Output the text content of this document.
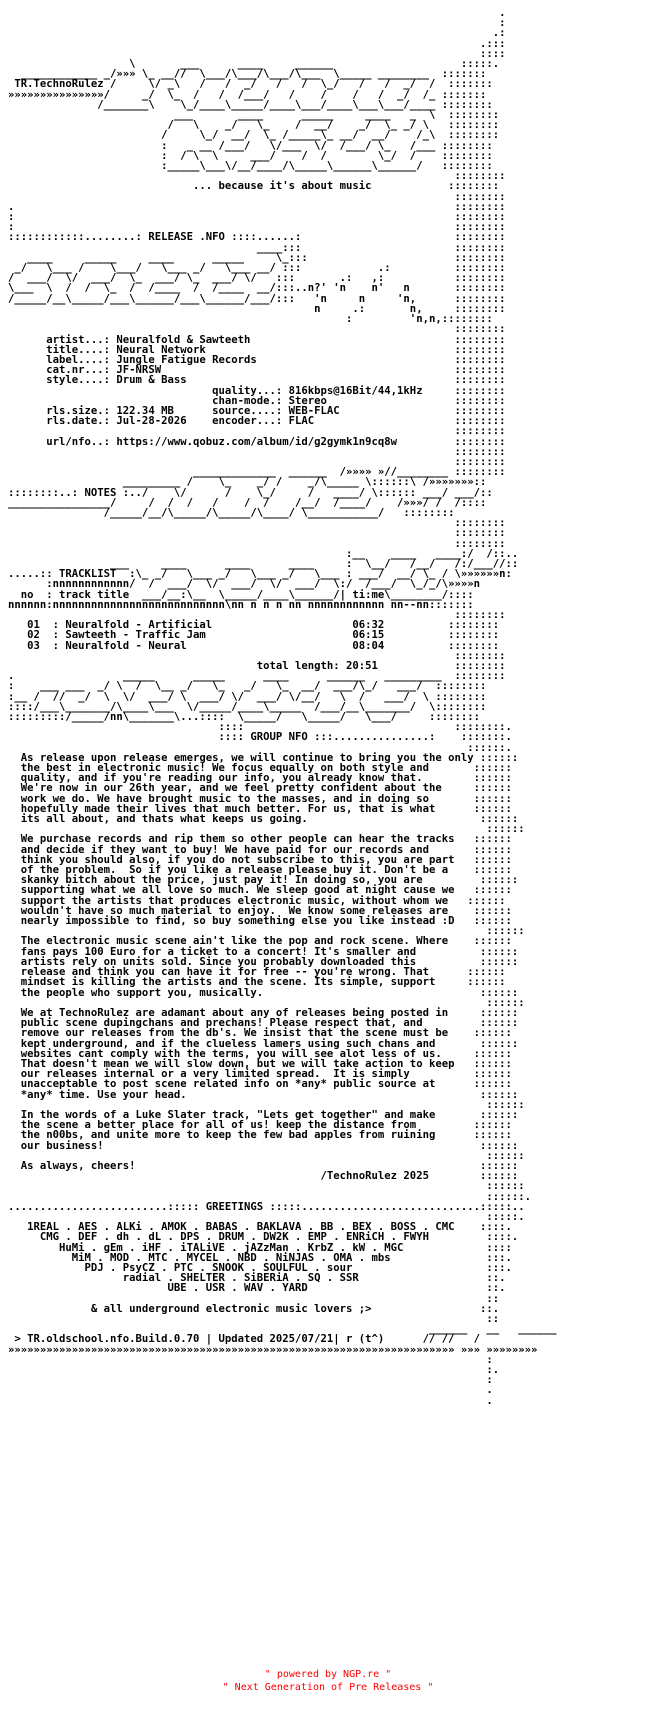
.
:
.:
.:::
::::
\       ___      ____     ______                    :::::.
____________ _/»»» \_ __//  \___/\___/\___/\___  \_____ ________  :::::::
TR.TechnoRulez /     \/ _\   /   /  _/   /   /  \_/   /   /  _/  /  :::::::
»»»»»»»»»»»»»»»/     _/  \_  /   /  /___/   /    /    /   /  _/  /_ :::::::
/_______\    \_/____\_____/____\___/____\___\___/____ ::::::::
___       ____      _____     ____   _  \  ::::::::
/   \    _/   \_    /  __/    _/  \_ _/ \   ::::::::
/     \_/  __/  \_ /_____\_ __/  __/    /_\  ::::::::
:   _ __ /___/   \/___  \/  /___/ \_   /___ ::::::::
:  / \  \     ___/    /  /        \_/  /    ::::::::
:_____\___\/__/____/\_____\______\______/   ::::::::
::::::::
... because it's about music            ::::::::
::::::::
.                                                                     ::::::::
:                                                                     ::::::::
:                                                                     ::::::::
::::::::::::........: RELEASE .NFO ::::......:                        ::::::::
____:::                        ::::::::
____     _____     ____      _____     \_:::                       ::::::::
_/   \___ /    \___/   \___ _/   \___ __/ :::            .:          ::::::::
/  ___/  \/  ___/  \_  ___/ \_  ___/ \/   :::       .:   ,:           ::::::::
\___  \  /  /  \_  /  /____  /  /____  __/:::..n?' 'n    n'   n       ::::::::
/_____/__\_____/___\______/___\______/___/:::   'n     n     'n,      ::::::::
n     .:       n,     ::::::::
:         'n,n,::::::::
::::::::
artist...: Neuralfold & Sawteeth                                ::::::::
title....: Neural Network                                       ::::::::
label....: Jungle Fatigue Records                               ::::::::
cat.nr...: JF-NRSW                                              ::::::::
style....: Drum & Bass                                          ::::::::
quality...: 816kbps@16Bit/44,1kHz     ::::::::
chan-mode.: Stereo                    ::::::::
rls.size.: 122.34 MB      source....: WEB-FLAC                  ::::::::
rls.date.: Jul-28-2026    encoder...: FLAC                      ::::::::
::::::::
url/nfo..: https://www.qobuz.com/album/id/g2gymk1n9cq8w         ::::::::
::::::::
::::::::
_____________  ______  /»»»» »//________ ::::::::
_________ /    \_    _/ /    _/\_____ \::::::\ /»»»»»»»::
::::::::..: NOTES :../    \/      /    \_/     /   ____/ \:::::: ___/ ___/::
________________/     /  /  /   /    /  /    /__/  /____/    /»»»/ /  /::::
/_____/__/\_____/\_____/\____/ \___________/   ::::::::
::::::::
::::::::
::::::::
:__    ____   ____:/  /::..
___     ____      ____      ____     :  \__/   /__/   /:/___//::
.....:: TRACKLIST  :\_ _/   \___ _/   \___ _/   \___ : ___/  __/ \_ / \»»»»»»n:
:nnnnnnnnnnnn/  /  ___/  \/  ___/  \/  ___/  \:/  /___/  \_/_/\»»»»n
no  : track title  ___/__:\__  \_____/____\______/| ti:me\________/::::
nnnnnn:nnnnnnnnnnnnnnnnnnnnnnnnnnn\nn n n n nn nnnnnnnnnnnn nn--nn:::::::
::::::::
01  : Neuralfold - Artificial                      06:32          ::::::::
02  : Sawteeth - Traffic Jam                       06:15          ::::::::
03  : Neuralfold - Neural                          08:04          ::::::::
::::::::
total length: 20:51            ::::::::
.                 _____      _____      ____      ______   _________  ::::::::
:    ___ ___  _/ \  /  \__ _/   \_   _/   \_  __/  ___/\_/   ___/  ::::::::
:__ /  //  _/  \  \/  ___/ \  ___/ \/  ___/ \/__/   \  /   ___/  \ ::::::::
::::/___\_______/\____\___  \/_____/____\_____  /___/__\_______/  \::::::::
:::::::::/_____/nn\_______\...::::  \_____/   \_____/   \___/     ::::::::
::::                                 ::::::::.
:::: GROUP NFO :::...............:    :::::::.
::::::.
As release upon release emerges, we will continue to bring you the only ::::::
the best in electronic music! We focus equally on both style and       ::::::
quality, and if you're reading our info, you already know that.        ::::::
We're now in our 26th year, and we feel pretty confident about the     ::::::
work we do. We have brought music to the masses, and in doing so       ::::::
hopefully made their lives that much better. For us, that is what      ::::::
its all about, and thats what keeps us going.                           ::::::
::::::
We purchase records and rip them so other people can hear the tracks   ::::::
and decide if they want to buy! We have paid for our records and       ::::::
think you should also, if you do not subscribe to this, you are part   ::::::
of the problem.  So if you like a release please buy it. Don't be a    ::::::
skanky bitch about the price, just pay it! In doing so, you are         ::::::
supporting what we all love so much. We sleep good at night cause we   ::::::
support the artists that produces electronic music, without whom we   ::::::
wouldn't have so much material to enjoy.  We know some releases are    ::::::
nearly impossible to find, so buy something else you like instead :D   ::::::
::::::
The electronic music scene ain't like the pop and rock scene. Where    ::::::
fans pays 100 Euro for a ticket to a concert! It's smaller and          ::::::
artists rely on units sold. Since you probably downloaded this          ::::::
release and think you can have it for free -- you're wrong. That      ::::::
mindset is killing the artists and the scene. Its simple, support     ::::::
the people who support you, musically.                                  ::::::
::::::
We at TechnoRulez are adamant about any of releases being posted in     ::::::
public scene dupingchans and prechans! Please respect that, and         ::::::
remove our releases from the db's. We insist that the scene must be    ::::::
kept underground, and if the clueless lamers using such chans and       ::::::
websites cant comply with the terms, you will see alot less of us.     ::::::
That doesn't mean we will slow down, but we will take action to keep   ::::::
our releases internal or a very limited spread.  It is simply          ::::::
unacceptable to post scene related info on *any* public source at      ::::::
*any* time. Use your head.                                              ::::::
::::::
In the words of a Luke Slater track, "Lets get together" and make       ::::::
the scene a better place for all of us! keep the distance from         ::::::
the n00bs, and unite more to keep the few bad apples from ruining      ::::::
our business!                                                           ::::::
::::::
As always, cheers!                                                      ::::::
/TechnoRulez 2025        ::::::
::::::
::::::.
.........................::::: GREETINGS :::::............................:::::..
:::::.
1REAL . AES . ALKi . AMOK . BABAS . BAKLAVA . BB . BEX . BOSS . CMC    ::::.
CMG . DEF . dh . dL . DPS . DRUM . DW2K . EMP . ENRiCH . FWYH         ::::.
HuMi . gEm . iHF . iTALiVE . jAZzMan . KrbZ . kW . MGC             ::::
MiM . MOD . MTC . MYCEL . NBD . NiNJAS . OMA . mbs               :::.
PDJ . PsyCZ . PTC . SNOOK . SOULFUL . sour                     :::.
radial . SHELTER . SiBERiA . SQ . SSR                    ::.
UBE . USR . WAV . YARD                            ::.
::
& all underground electronic music lovers ;>                 ::.
::
______   __   ______
> TR.oldschool.nfo.Build.0.70 | Updated 2025/07/21| r (t^)      // //   /
»»»»»»»»»»»»»»»»»»»»»»»»»»»»»»»»»»»»»»»»»»»»»»»»»»»»»»»»»»»»»»»»»»»»»» »»» »»»»»»»»
:
:.
:
.
.

" powered by NGP.re "
" Next Generation of Pre Releases "
